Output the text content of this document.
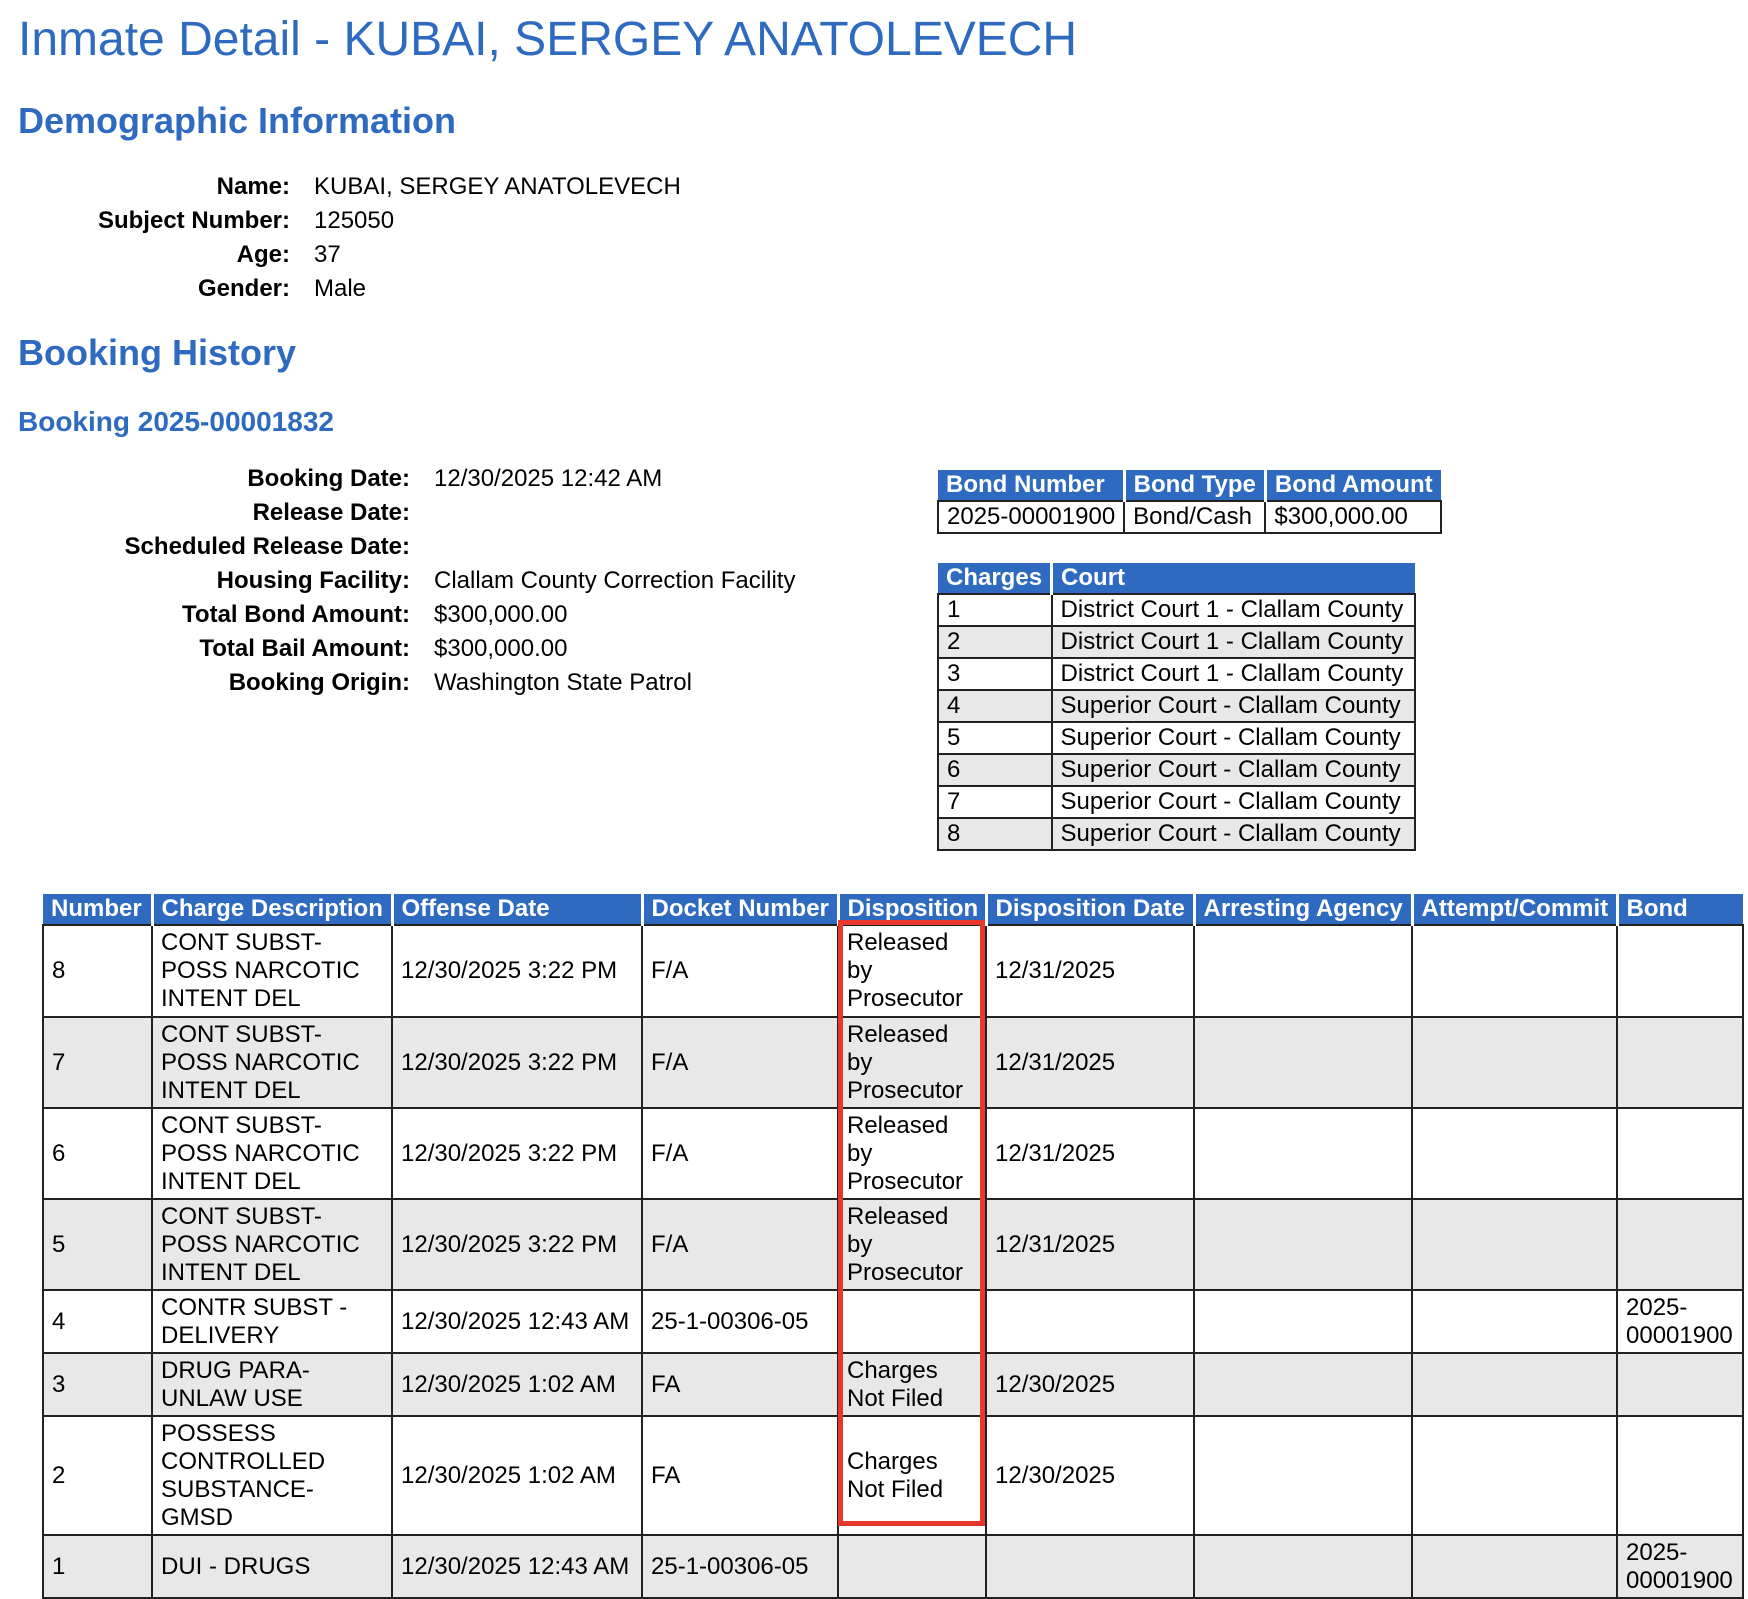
Inmate Detail - KUBAI, SERGEY ANATOLEVECH
Demographic Information
Name:	KUBAI, SERGEY ANATOLEVECH
Subject Number:	125050
Age:	37
Gender:	Male
Booking History
Booking 2025-00001832
Booking Date:	12/30/2025 12:42 AM
Release Date:	
Scheduled Release Date:	
Housing Facility:	Clallam County Correction Facility
Total Bond Amount:	$300,000.00
Total Bail Amount:	$300,000.00
Booking Origin:	Washington State Patrol
Bond Number	Bond Type	Bond Amount
2025-00001900	Bond/Cash	$300,000.00
Charges	Court
1	District Court 1 - Clallam County
2	District Court 1 - Clallam County
3	District Court 1 - Clallam County
4	Superior Court - Clallam County
5	Superior Court - Clallam County
6	Superior Court - Clallam County
7	Superior Court - Clallam County
8	Superior Court - Clallam County
Number	Charge Description	Offense Date	Docket Number	Disposition	Disposition Date	Arresting Agency	Attempt/Commit	Bond
8	CONT SUBST-
POSS NARCOTIC
INTENT DEL	12/30/2025 3:22 PM	F/A	Released
by
Prosecutor	12/31/2025			
7	CONT SUBST-
POSS NARCOTIC
INTENT DEL	12/30/2025 3:22 PM	F/A	Released
by
Prosecutor	12/31/2025			
6	CONT SUBST-
POSS NARCOTIC
INTENT DEL	12/30/2025 3:22 PM	F/A	Released
by
Prosecutor	12/31/2025			
5	CONT SUBST-
POSS NARCOTIC
INTENT DEL	12/30/2025 3:22 PM	F/A	Released
by
Prosecutor	12/31/2025			
4	CONTR SUBST -
DELIVERY	12/30/2025 12:43 AM	25-1-00306-05					2025-
00001900
3	DRUG PARA-
UNLAW USE	12/30/2025 1:02 AM	FA	Charges
Not Filed	12/30/2025			
2	POSSESS
CONTROLLED
SUBSTANCE-
GMSD	12/30/2025 1:02 AM	FA	Charges
Not Filed	12/30/2025			
1	DUI - DRUGS	12/30/2025 12:43 AM	25-1-00306-05					2025-
00001900
